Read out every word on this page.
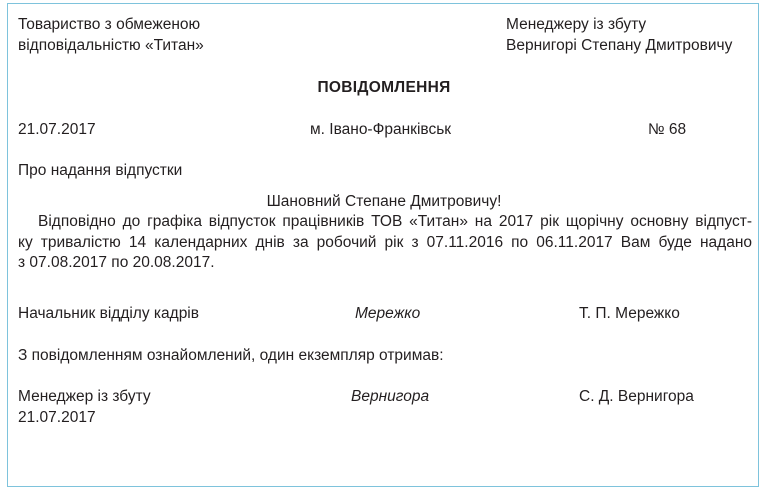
Товариство з обмеженою
відповідальністю «Титан»
Менеджеру із збуту
Вернигорі Степану Дмитровичу
ПОВІДОМЛЕННЯ
21.07.2017	м. Івано-Франківськ	№ 68
Про надання відпустки
Шановний Степане Дмитровичу!
Відповідно до графіка відпусток працівників ТОВ «Титан» на 2017 рік щорічну основну відпуст-
ку тривалістю 14 календарних днів за робочий рік з 07.11.2016 по 06.11.2017 Вам буде надано
з 07.08.2017 по 20.08.2017.
Начальник відділу кадрів	Мережко	Т. П. Мережко
З повідомленням ознайомлений, один екземпляр отримав:
Менеджер із збуту	Вернигора	С. Д. Вернигора
21.07.2017
